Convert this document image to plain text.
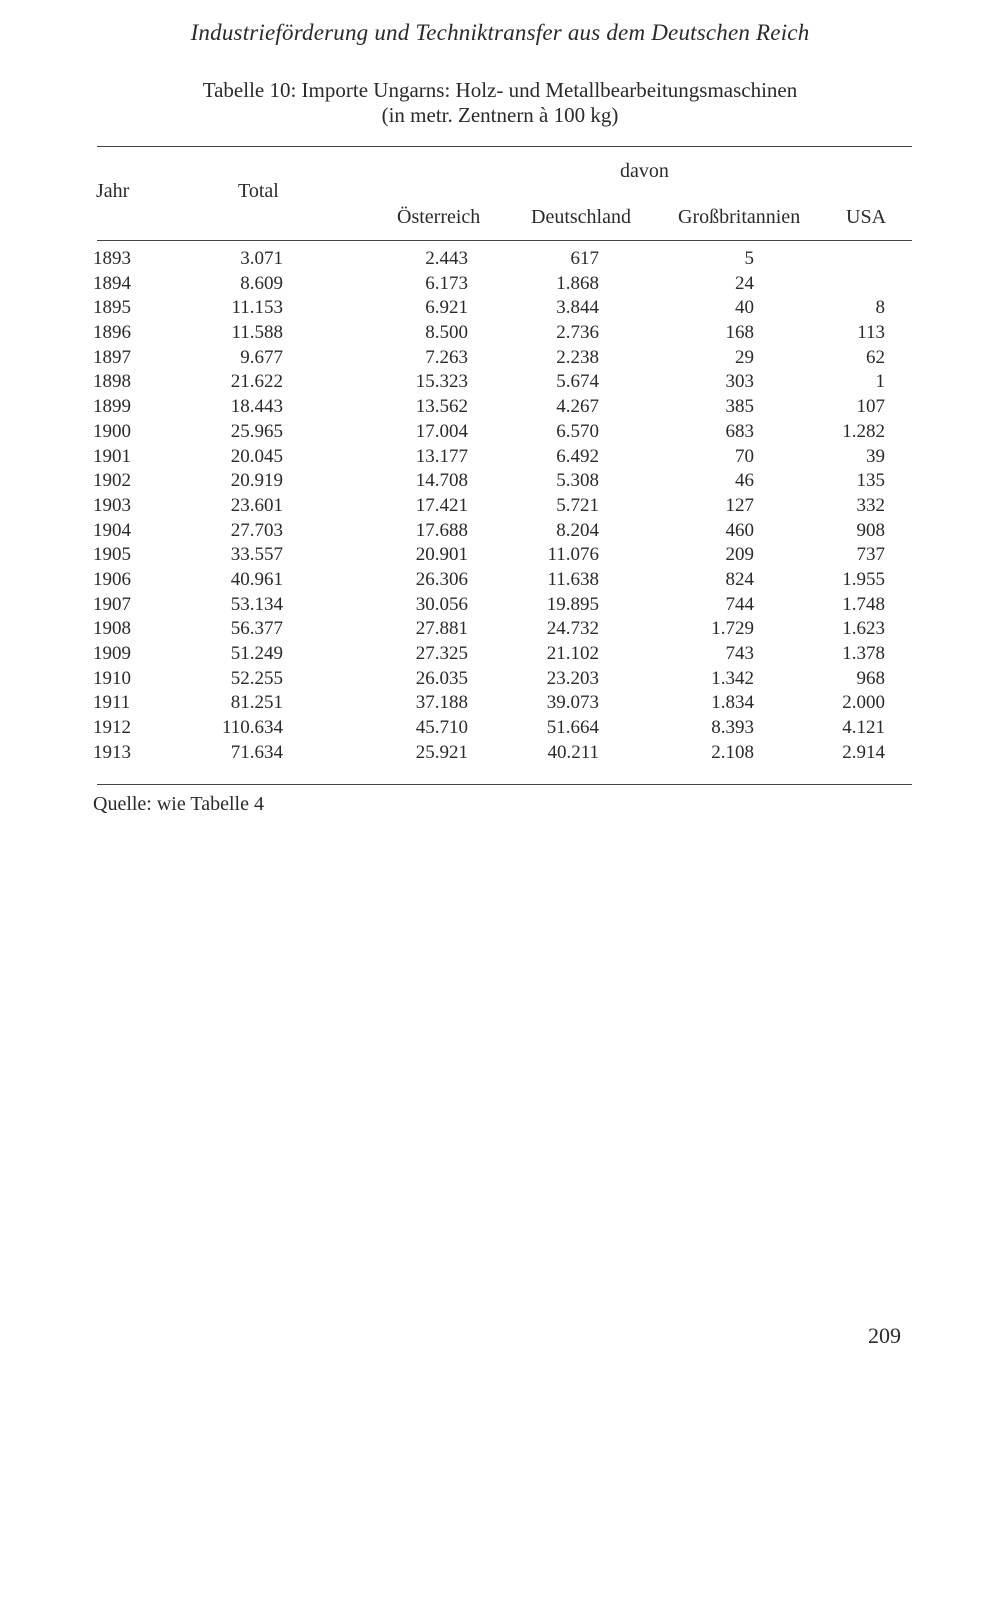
Industrieförderung und Techniktransfer aus dem Deutschen Reich
Tabelle 10: Importe Ungarns: Holz- und Metallbearbeitungsmaschinen
(in metr. Zentnern à 100 kg)
Jahr	Total
davon
Österreich	Deutschland Großbritannien USA
1893	3.071	2.443	617	5
1894	8.609	6.173	1.868	24
1895	11.153	6.921	3.844	40	8
1896	11.588	8.500	2.736	168	113
1897	9.677	7.263	2.238	29	62
1898	21.622	15.323	5.674	303	1
1899	18.443	13.562	4.267	385	107
1900	25.965	17.004	6.570	683	1.282
1901	20.045	13.177	6.492	70	39
1902	20.919	14.708	5.308	46	135
1903	23.601	17.421	5.721	127	332
1904	27.703	17.688	8.204	460	908
1905	33.557	20.901	11.076	209	737
1906	40.961	26.306	11.638	824	1.955
1907	53.134	30.056	19.895	744	1.748
1908	56.377	27.881	24.732	1.729	1.623
1909	51.249	27.325	21.102	743	1.378
1910	52.255	26.035	23.203	1.342	968
1911	81.251	37.188	39.073	1.834	2.000
1912	110.634	45.710	51.664	8.393	4.121
1913	71.634	25.921	40.211	2.108	2.914
Quelle: wie Tabelle 4
209
